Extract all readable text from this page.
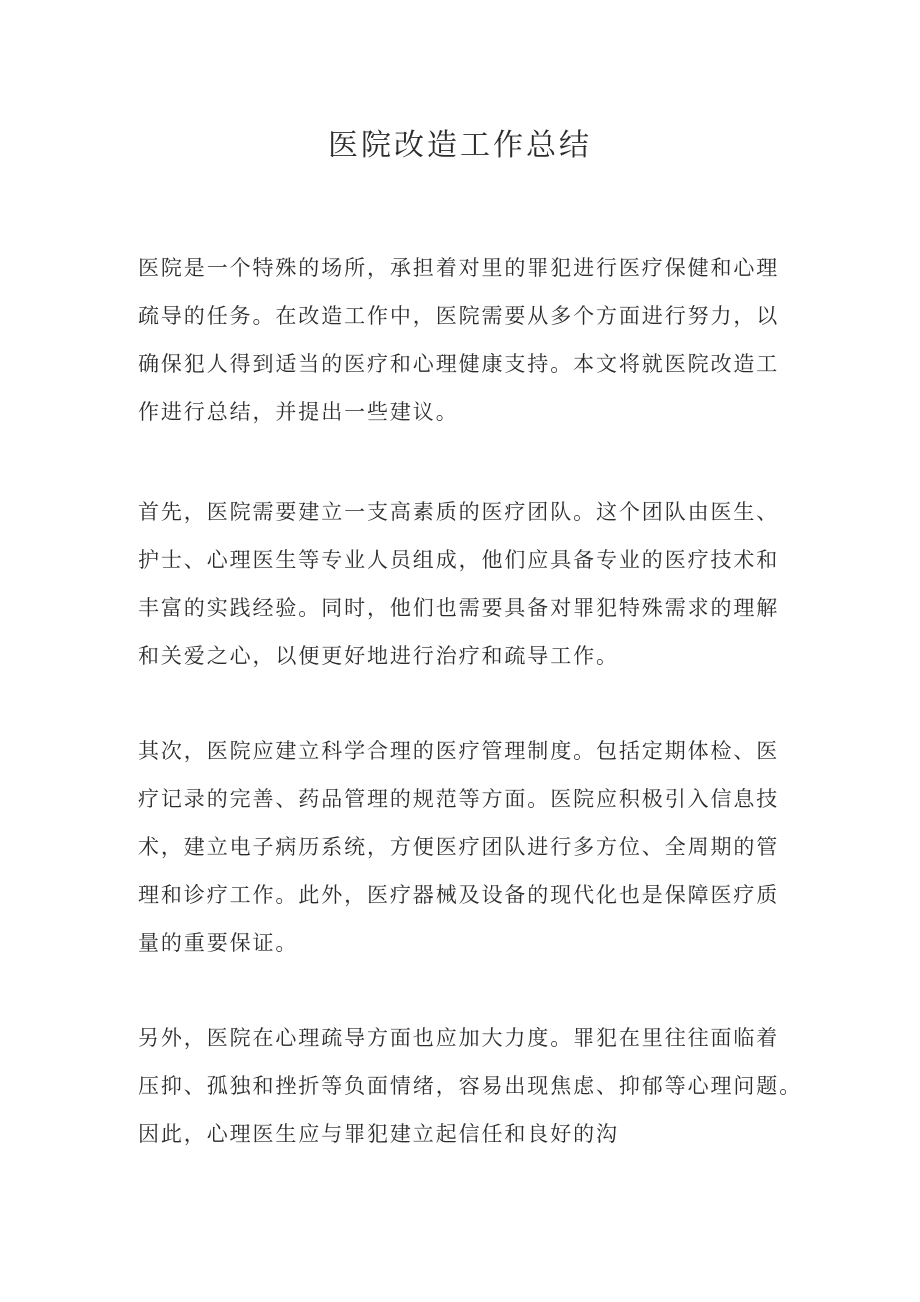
医院改造工作总结

医院是一个特殊的场所，承担着对里的罪犯进行医疗保健和心理
疏导的任务。在改造工作中，医院需要从多个方面进行努力，以
确保犯人得到适当的医疗和心理健康支持。本文将就医院改造工
作进行总结，并提出一些建议。

首先，医院需要建立一支高素质的医疗团队。这个团队由医生、
护士、心理医生等专业人员组成，他们应具备专业的医疗技术和
丰富的实践经验。同时，他们也需要具备对罪犯特殊需求的理解
和关爱之心，以便更好地进行治疗和疏导工作。

其次，医院应建立科学合理的医疗管理制度。包括定期体检、医
疗记录的完善、药品管理的规范等方面。医院应积极引入信息技
术，建立电子病历系统，方便医疗团队进行多方位、全周期的管
理和诊疗工作。此外，医疗器械及设备的现代化也是保障医疗质
量的重要保证。

另外，医院在心理疏导方面也应加大力度。罪犯在里往往面临着
压抑、孤独和挫折等负面情绪，容易出现焦虑、抑郁等心理问题。
因此，心理医生应与罪犯建立起信任和良好的沟
